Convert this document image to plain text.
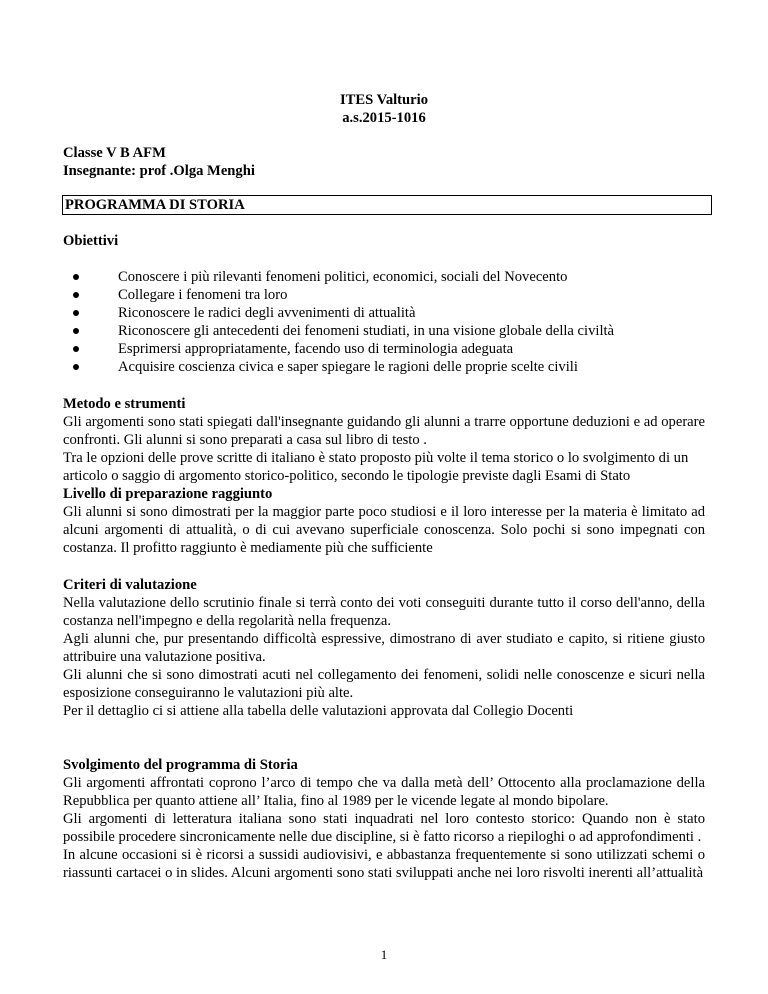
ITES Valturio
a.s.2015-1016
Classe V B AFM
Insegnante: prof .Olga Menghi
PROGRAMMA DI STORIA
Obiettivi
Conoscere i più rilevanti fenomeni politici, economici, sociali del Novecento
Collegare i fenomeni tra loro
Riconoscere le radici degli avvenimenti di attualità
Riconoscere gli antecedenti dei fenomeni studiati, in una visione globale della civiltà
Esprimersi appropriatamente, facendo uso di terminologia adeguata
Acquisire coscienza civica e saper spiegare le ragioni delle proprie scelte civili
Metodo e strumenti
Gli argomenti sono stati spiegati dall'insegnante guidando gli alunni a trarre opportune deduzioni e ad operare confronti. Gli alunni si sono preparati a casa sul libro di testo .
Tra le opzioni delle prove scritte di italiano è stato proposto più volte il tema storico o lo svolgimento di un articolo o saggio di argomento storico-politico, secondo le tipologie previste dagli Esami di Stato
Livello di preparazione raggiunto
Gli alunni si sono dimostrati per la maggior parte poco studiosi e il loro interesse per la materia è limitato ad alcuni argomenti di attualità, o di cui avevano superficiale conoscenza. Solo pochi si sono impegnati con costanza. Il profitto raggiunto è mediamente più che sufficiente
Criteri di valutazione
Nella valutazione dello scrutinio finale si terrà conto dei voti conseguiti durante tutto il corso dell'anno, della costanza nell'impegno e della regolarità nella frequenza.
Agli alunni che, pur presentando difficoltà espressive, dimostrano di aver studiato e capito, si ritiene giusto attribuire una valutazione positiva.
Gli alunni che si sono dimostrati acuti nel collegamento dei fenomeni, solidi nelle conoscenze e sicuri nella esposizione conseguiranno le valutazioni più alte.
Per il dettaglio ci si attiene alla tabella delle valutazioni approvata dal Collegio Docenti
Svolgimento del programma di Storia
Gli argomenti affrontati coprono l’arco di tempo che va dalla metà dell’ Ottocento alla proclamazione della Repubblica per quanto attiene all’ Italia, fino al 1989 per le vicende legate al mondo bipolare.
Gli argomenti di letteratura italiana sono stati inquadrati nel loro contesto storico: Quando non è stato possibile procedere sincronicamente nelle due discipline, si è fatto ricorso a riepiloghi o ad approfondimenti .
In alcune occasioni si è ricorsi a sussidi audiovisivi, e abbastanza frequentemente si sono utilizzati schemi o riassunti cartacei o in slides. Alcuni argomenti sono stati sviluppati anche nei loro risvolti inerenti all’attualità
1
